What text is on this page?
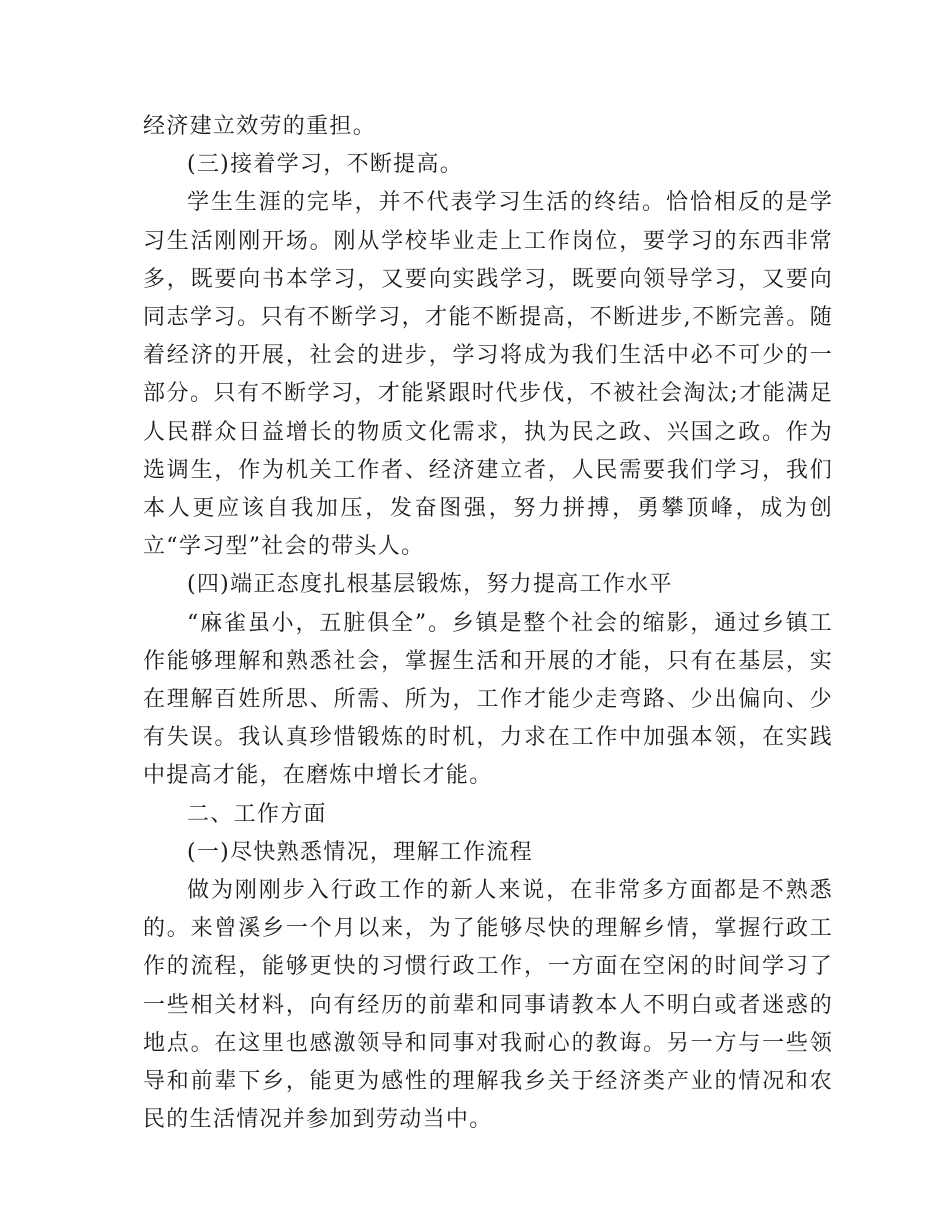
经济建立效劳的重担。

(三)接着学习，不断提高。

学生生涯的完毕，并不代表学习生活的终结。恰恰相反的是学习生活刚刚开场。刚从学校毕业走上工作岗位，要学习的东西非常多，既要向书本学习，又要向实践学习，既要向领导学习，又要向同志学习。只有不断学习，才能不断提高，不断进步,不断完善。随着经济的开展，社会的进步，学习将成为我们生活中必不可少的一部分。只有不断学习，才能紧跟时代步伐，不被社会淘汰;才能满足人民群众日益增长的物质文化需求，执为民之政、兴国之政。作为选调生，作为机关工作者、经济建立者，人民需要我们学习，我们本人更应该自我加压，发奋图强，努力拼搏，勇攀顶峰，成为创立“学习型”社会的带头人。

(四)端正态度扎根基层锻炼，努力提高工作水平

“麻雀虽小，五脏俱全”。乡镇是整个社会的缩影，通过乡镇工作能够理解和熟悉社会，掌握生活和开展的才能，只有在基层，实在理解百姓所思、所需、所为，工作才能少走弯路、少出偏向、少有失误。我认真珍惜锻炼的时机，力求在工作中加强本领，在实践中提高才能，在磨炼中增长才能。

二、工作方面

(一)尽快熟悉情况，理解工作流程

做为刚刚步入行政工作的新人来说，在非常多方面都是不熟悉的。来曾溪乡一个月以来，为了能够尽快的理解乡情，掌握行政工作的流程，能够更快的习惯行政工作，一方面在空闲的时间学习了一些相关材料，向有经历的前辈和同事请教本人不明白或者迷惑的地点。在这里也感激领导和同事对我耐心的教诲。另一方与一些领导和前辈下乡，能更为感性的理解我乡关于经济类产业的情况和农民的生活情况并参加到劳动当中。
